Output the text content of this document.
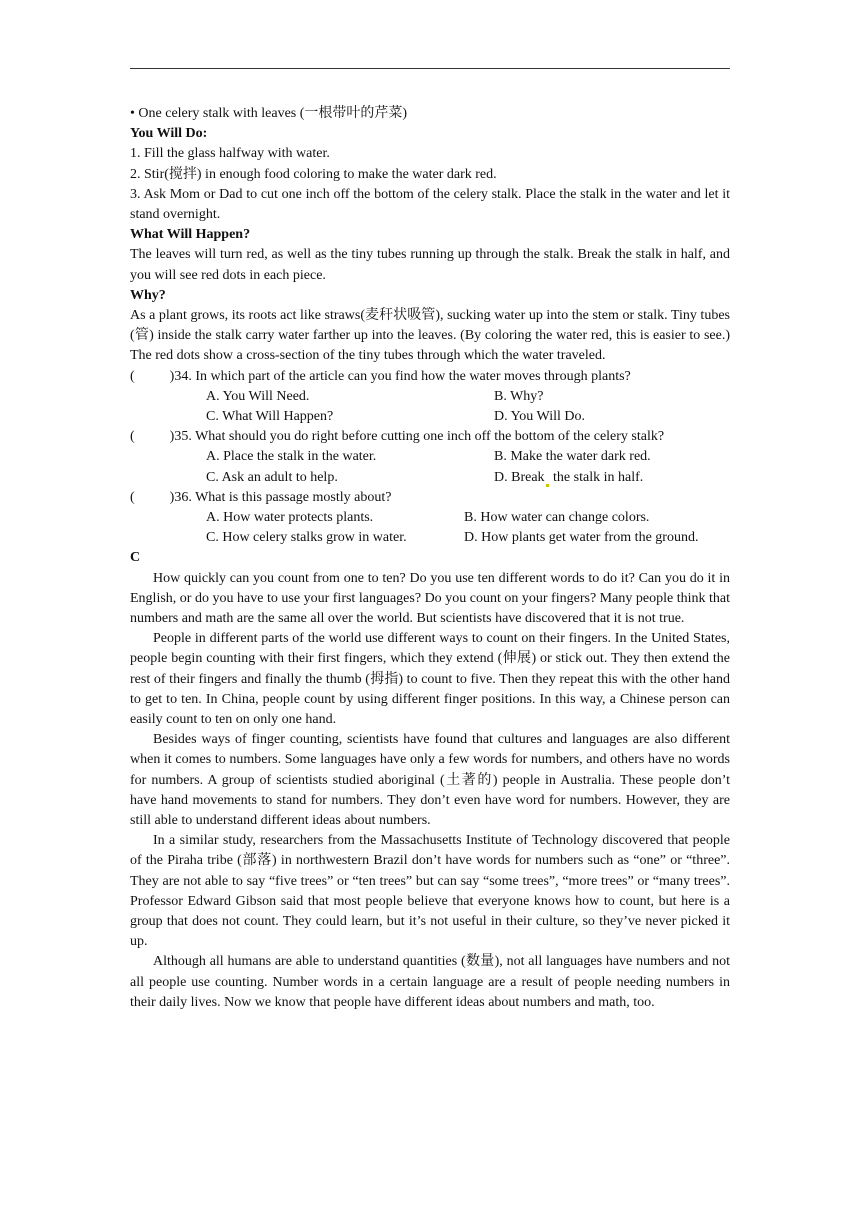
• One celery stalk with leaves (一根带叶的芹菜)

You Will Do:

1. Fill the glass halfway with water.

2. Stir(搅拌) in enough food coloring to make the water dark red.

3. Ask Mom or Dad to cut one inch off the bottom of the celery stalk. Place the stalk in the water and let it stand overnight.

What Will Happen?

The leaves will turn red, as well as the tiny tubes running up through the stalk. Break the stalk in half, and you will see red dots in each piece.

Why?

As a plant grows, its roots act like straws(麦秆状吸管), sucking water up into the stem or stalk. Tiny tubes (管) inside the stalk carry water farther up into the leaves. (By coloring the water red, this is easier to see.) The red dots show a cross-section of the tiny tubes through which the water traveled.

(          )34. In which part of the article can you find how the water moves through plants?

A. You Will Need.	B. Why?
C. What Will Happen?	D. You Will Do.

(          )35. What should you do right before cutting one inch off the bottom of the celery stalk?

A. Place the stalk in the water.	B. Make the water dark red.
C. Ask an adult to help.	D. Break the stalk in half.

(          )36. What is this passage mostly about?

A. How water protects plants.	B. How water can change colors.
C. How celery stalks grow in water.	D. How plants get water from the ground.

C

How quickly can you count from one to ten? Do you use ten different words to do it? Can you do it in English, or do you have to use your first languages? Do you count on your fingers? Many people think that numbers and math are the same all over the world. But scientists have discovered that it is not true.

People in different parts of the world use different ways to count on their fingers. In the United States, people begin counting with their first fingers, which they extend (伸展) or stick out. They then extend the rest of their fingers and finally the thumb (拇指) to count to five. Then they repeat this with the other hand to get to ten. In China, people count by using different finger positions. In this way, a Chinese person can easily count to ten on only one hand.

Besides ways of finger counting, scientists have found that cultures and languages are also different when it comes to numbers. Some languages have only a few words for numbers, and others have no words for numbers. A group of scientists studied aboriginal (土著的) people in Australia. These people don’t have hand movements to stand for numbers. They don’t even have word for numbers. However, they are still able to understand different ideas about numbers.

In a similar study, researchers from the Massachusetts Institute of Technology discovered that people of the Piraha tribe (部落) in northwestern Brazil don’t have words for numbers such as “one” or “three”. They are not able to say “five trees” or “ten trees” but can say “some trees”, “more trees” or “many trees”. Professor Edward Gibson said that most people believe that everyone knows how to count, but here is a group that does not count. They could learn, but it’s not useful in their culture, so they’ve never picked it up.

Although all humans are able to understand quantities (数量), not all languages have numbers and not all people use counting. Number words in a certain language are a result of people needing numbers in their daily lives. Now we know that people have different ideas about numbers and math, too.
